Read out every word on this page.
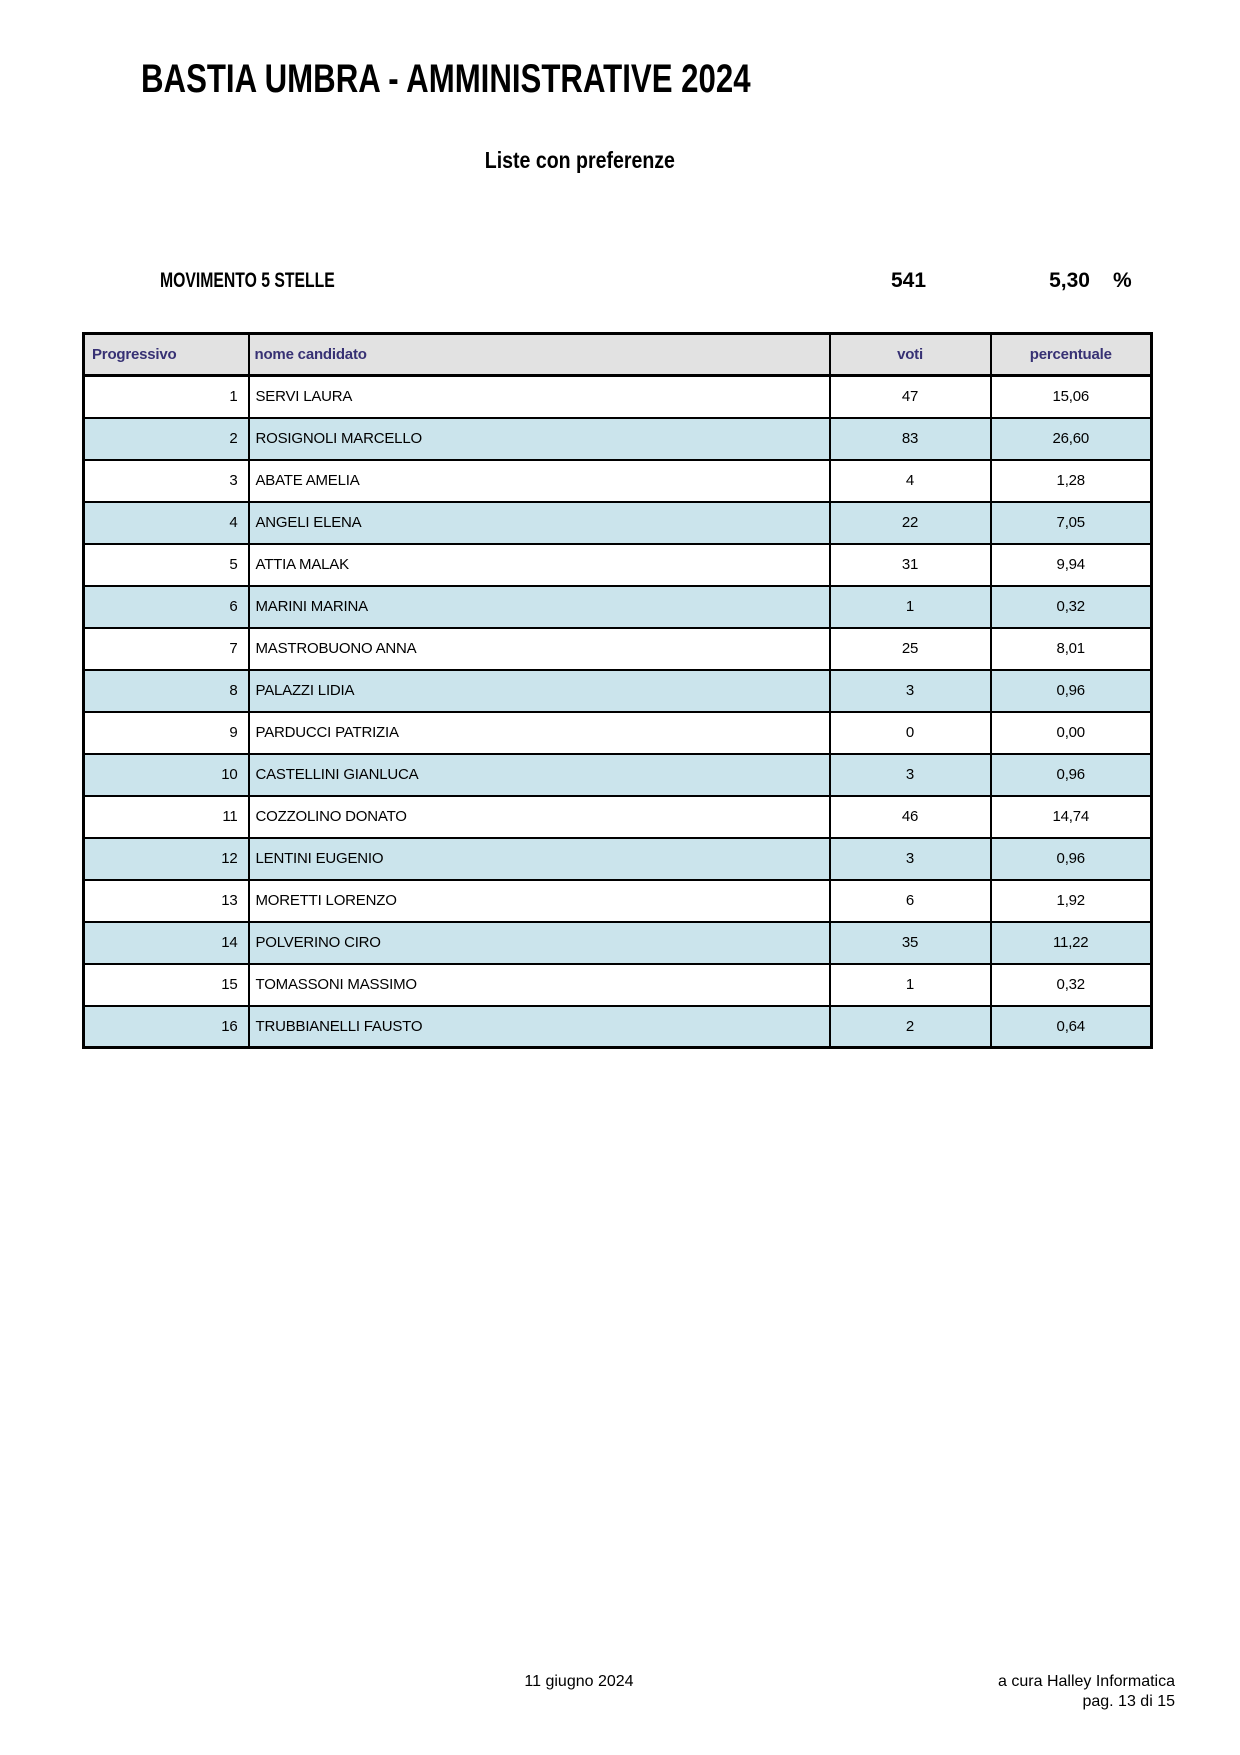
BASTIA UMBRA - AMMINISTRATIVE 2024
Liste con preferenze
MOVIMENTO 5 STELLE	541	5,30	%
Progressivo	nome candidato	voti	percentuale
1	SERVI LAURA	47	15,06
2	ROSIGNOLI MARCELLO	83	26,60
3	ABATE AMELIA	4	1,28
4	ANGELI ELENA	22	7,05
5	ATTIA MALAK	31	9,94
6	MARINI MARINA	1	0,32
7	MASTROBUONO ANNA	25	8,01
8	PALAZZI LIDIA	3	0,96
9	PARDUCCI PATRIZIA	0	0,00
10	CASTELLINI GIANLUCA	3	0,96
11	COZZOLINO DONATO	46	14,74
12	LENTINI EUGENIO	3	0,96
13	MORETTI LORENZO	6	1,92
14	POLVERINO CIRO	35	11,22
15	TOMASSONI MASSIMO	1	0,32
16	TRUBBIANELLI FAUSTO	2	0,64
11 giugno 2024	a cura Halley Informatica
pag. 13 di 15
